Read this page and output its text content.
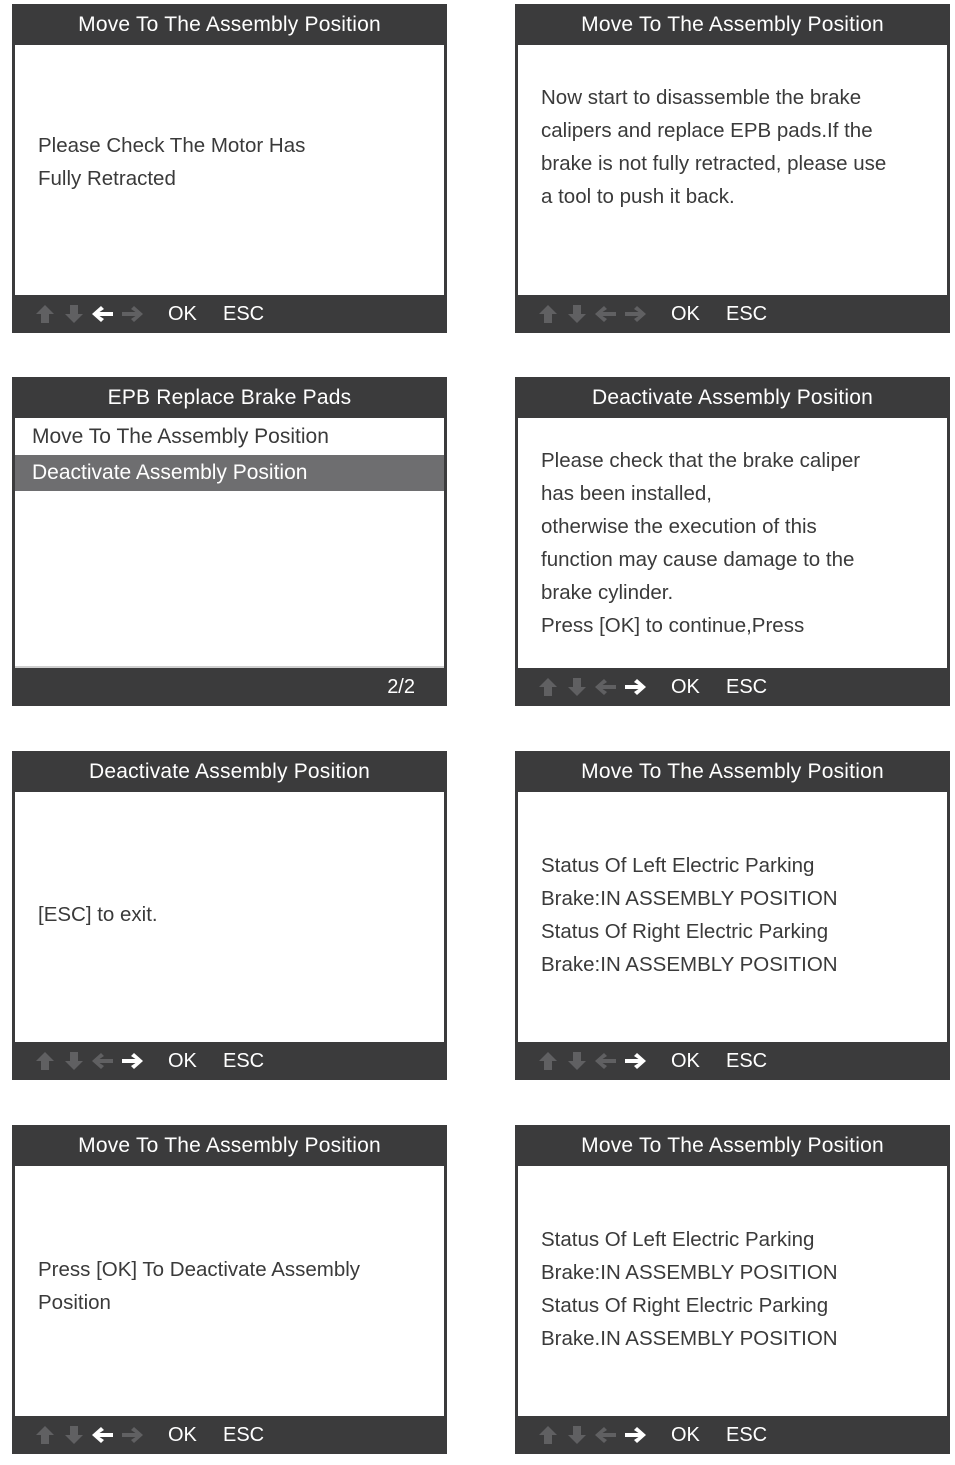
Move To The Assembly Position
Please Check The Motor Has
Fully Retracted
OK ESC
Move To The Assembly Position
Now start to disassemble the brake
calipers and replace EPB pads.If the
brake is not fully retracted, please use
a tool to push it back.
OK ESC
EPB Replace Brake Pads
Move To The Assembly Position
Deactivate Assembly Position
2/2
Deactivate Assembly Position
Please check that the brake caliper
has been installed,
otherwise the execution of this
function may cause damage to the
brake cylinder.
Press [OK] to continue,Press
OK ESC
Deactivate Assembly Position
[ESC] to exit.
OK ESC
Move To The Assembly Position
Status Of Left Electric Parking
Brake:IN ASSEMBLY POSITION
Status Of Right Electric Parking
Brake:IN ASSEMBLY POSITION
OK ESC
Move To The Assembly Position
Press [OK] To Deactivate Assembly
Position
OK ESC
Move To The Assembly Position
Status Of Left Electric Parking
Brake:IN ASSEMBLY POSITION
Status Of Right Electric Parking
Brake.IN ASSEMBLY POSITION
OK ESC
